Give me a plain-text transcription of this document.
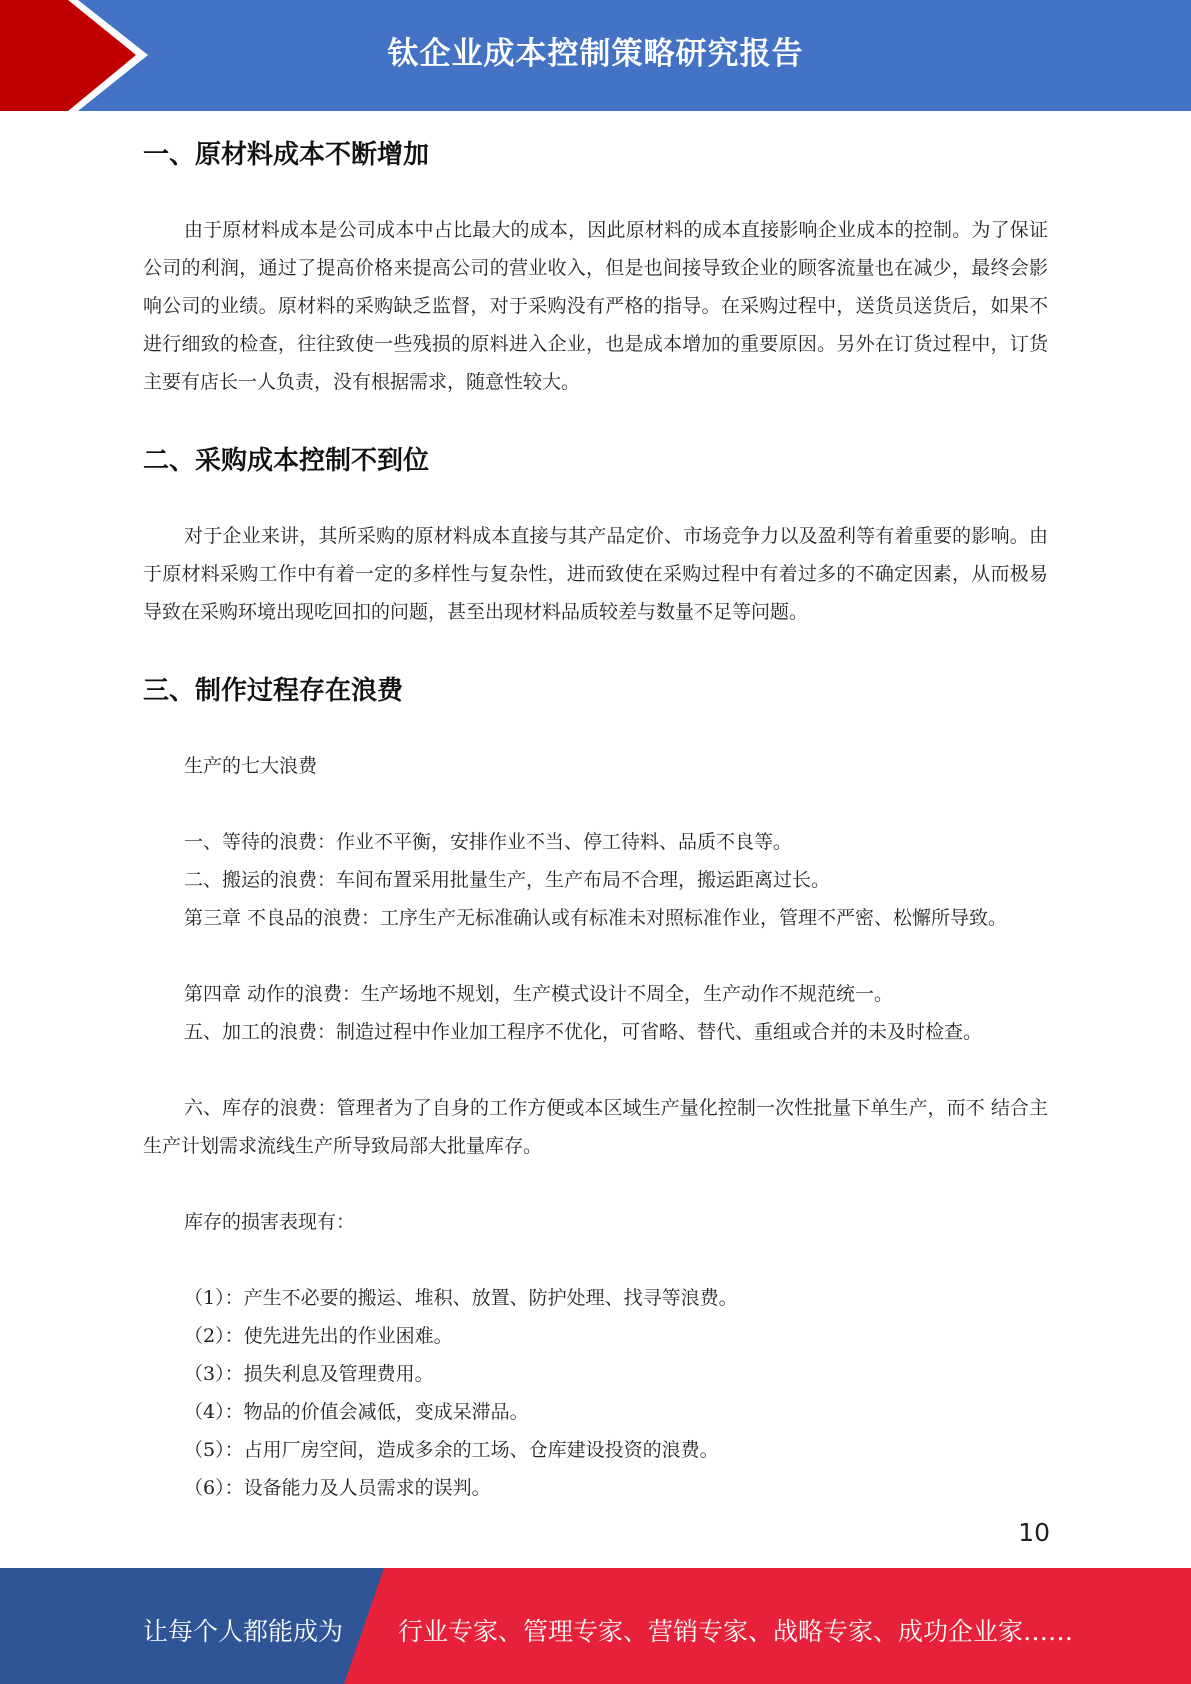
钛企业成本控制策略研究报告
一、原材料成本不断增加

由于原材料成本是公司成本中占比最大的成本，因此原材料的成本直接影响企业成本的控制。为了保证公司的利润，通过了提高价格来提高公司的营业收入，但是也间接导致企业的顾客流量也在减少，最终会影响公司的业绩。原材料的采购缺乏监督，对于采购没有严格的指导。在采购过程中，送货员送货后，如果不进行细致的检查，往往致使一些残损的原料进入企业，也是成本增加的重要原因。另外在订货过程中，订货主要有店长一人负责，没有根据需求，随意性较大。

二、采购成本控制不到位

对于企业来讲，其所采购的原材料成本直接与其产品定价、市场竞争力以及盈利等有着重要的影响。由于原材料采购工作中有着一定的多样性与复杂性，进而致使在采购过程中有着过多的不确定因素，从而极易导致在采购环境出现吃回扣的问题，甚至出现材料品质较差与数量不足等问题。

三、制作过程存在浪费

生产的七大浪费

一、等待的浪费：作业不平衡，安排作业不当、停工待料、品质不良等。

二、搬运的浪费：车间布置采用批量生产，生产布局不合理，搬运距离过长。

第三章 不良品的浪费：工序生产无标准确认或有标准未对照标准作业，管理不严密、松懈所导致。

第四章 动作的浪费：生产场地不规划，生产模式设计不周全，生产动作不规范统一。

五、加工的浪费：制造过程中作业加工程序不优化，可省略、替代、重组或合并的未及时检查。

六、库存的浪费：管理者为了自身的工作方便或本区域生产量化控制一次性批量下单生产，而不 结合主生产计划需求流线生产所导致局部大批量库存。

库存的损害表现有：

（1）：产生不必要的搬运、堆积、放置、防护处理、找寻等浪费。

（2）：使先进先出的作业困难。

（3）：损失利息及管理费用。

（4）：物品的价值会减低，变成呆滞品。

（5）：占用厂房空间，造成多余的工场、仓库建设投资的浪费。

（6）：设备能力及人员需求的误判。

10
让每个人都能成为 行业专家、管理专家、营销专家、战略专家、成功企业家……
